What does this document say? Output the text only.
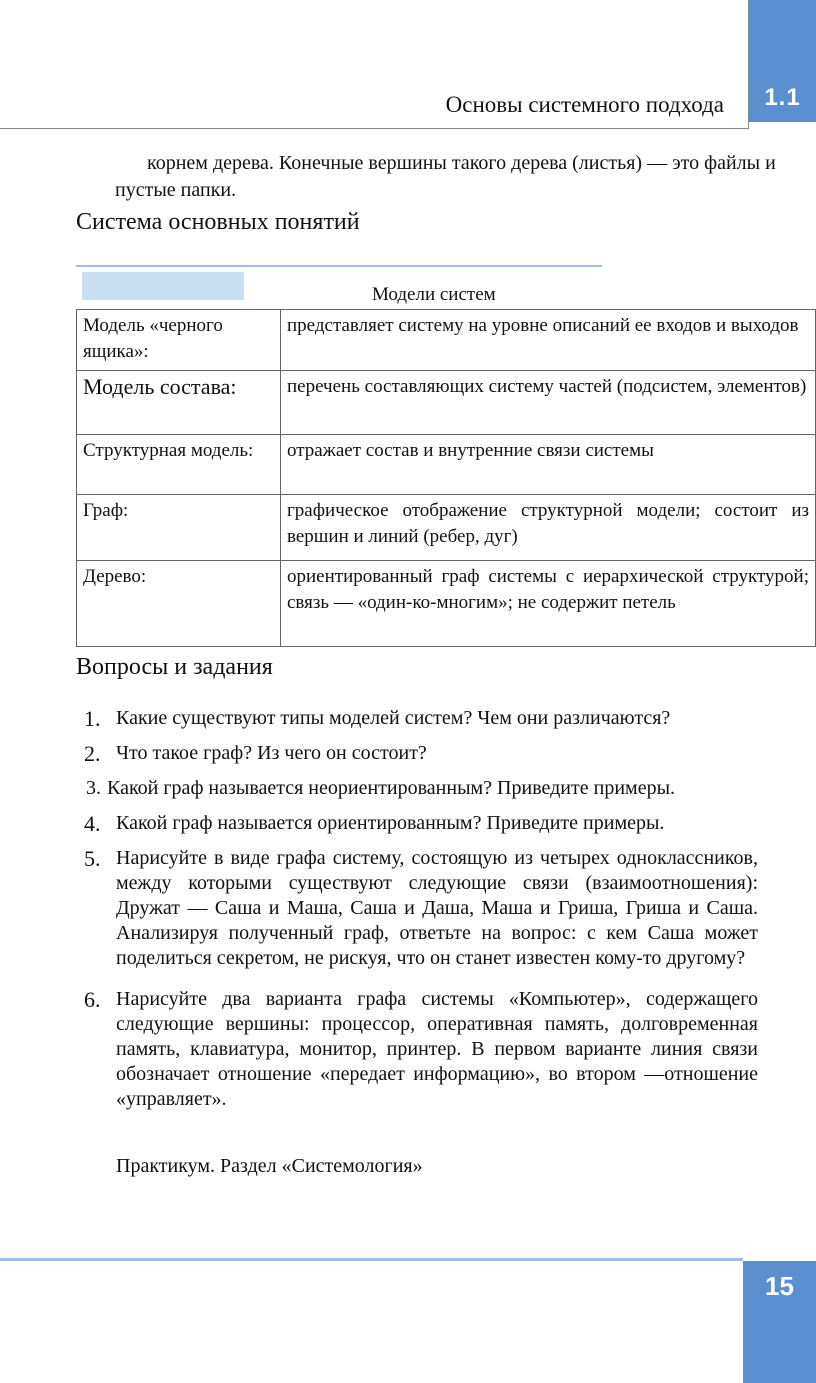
1.1
Основы системного подхода
корнем дерева. Конечные вершины такого дерева (листья) — это файлы и пустые папки.
Система основных понятий
Модели систем
Модель «черного ящика»:	представляет систему на уровне описаний ее входов и выходов
Модель состава:	перечень составляющих систему частей (подсистем, элементов)
Структурная модель:	отражает состав и внутренние связи системы
Граф:	графическое отображение структурной модели; состоит из вершин и линий (ребер, дуг)
Дерево:	ориентированный граф системы с иерархической структурой; связь — «один-ко-многим»; не содержит петель
Вопросы и задания
1. Какие существуют типы моделей систем? Чем они различаются?
2. Что такое граф? Из чего он состоит?
3. Какой граф называется неориентированным? Приведите примеры.
4. Какой граф называется ориентированным? Приведите примеры.
5. Нарисуйте в виде графа систему, состоящую из четырех одноклассников, между которыми существуют следующие связи (взаимоотношения): Дружат — Саша и Маша, Саша и Даша, Маша и Гриша, Гриша и Саша. Анализируя полученный граф, ответьте на вопрос: с кем Саша может поделиться секретом, не рискуя, что он станет известен кому-то другому?
6. Нарисуйте два варианта графа системы «Компьютер», содержащего следующие вершины: процессор, оперативная память, долговременная память, клавиатура, монитор, принтер. В первом варианте линия связи обозначает отношение «передает информацию», во втором —отношение «управляет».
Практикум. Раздел «Системология»
15
